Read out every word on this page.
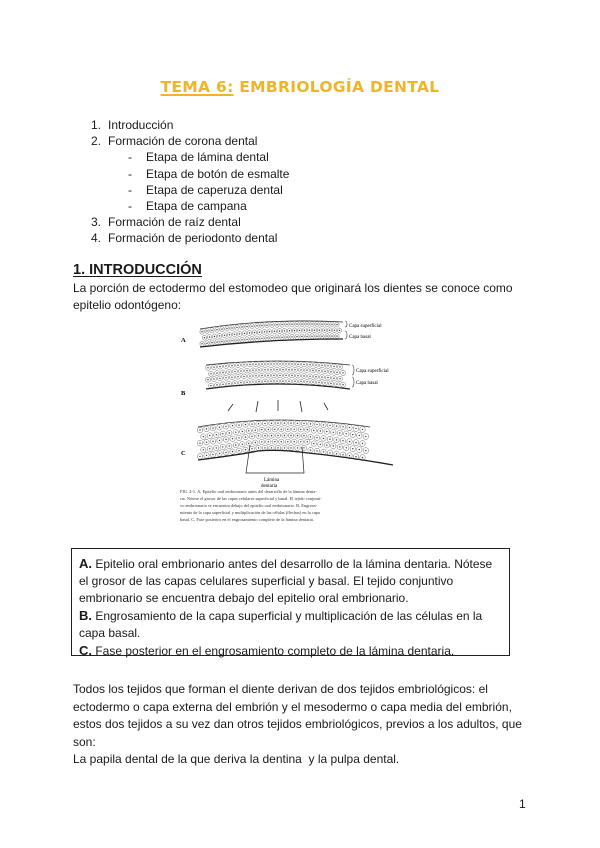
TEMA 6: EMBRIOLOGÍA DENTAL
1. Introducción
2. Formación de corona dental
-	Etapa de lámina dental
-	Etapa de botón de esmalte
-	Etapa de caperuza dental
-	Etapa de campana
3. Formación de raíz dental
4. Formación de periodonto dental
1. INTRODUCCIÓN
La porción de ectodermo del estomodeo que originará los dientes se conoce como
epitelio odontógeno:
A
Capa superficial
Capa basal
B
Capa superficial
Capa basal
C
Lámina
dentaria
FIG. 4-1. A, Epitelio oral embrionario antes del desarrollo de la lámina denta-
ria. Nótese el grosor de las capas celulares superficial y basal. El tejido conjunti-
vo embrionario se encuentra debajo del epitelio oral embrionario. B, Engrosa-
miento de la capa superficial y multiplicación de las células (flechas) en la capa
basal. C, Fase posterior en el engrosamiento completo de la lámina dentaria.
A. Epitelio oral embrionario antes del desarrollo de la lámina dentaria. Nótese el grosor de las capas celulares superficial y basal. El tejido conjuntivo embrionario se encuentra debajo del epitelio oral embrionario.
B. Engrosamiento de la capa superficial y multiplicación de las células en la capa basal.
C. Fase posterior en el engrosamiento completo de la lámina dentaria.
Todos los tejidos que forman el diente derivan de dos tejidos embriológicos: el
ectodermo o capa externa del embrión y el mesodermo o capa media del embrión,
estos dos tejidos a su vez dan otros tejidos embriológicos, previos a los adultos, que
son:
La papila dental de la que deriva la dentina  y la pulpa dental.
1
